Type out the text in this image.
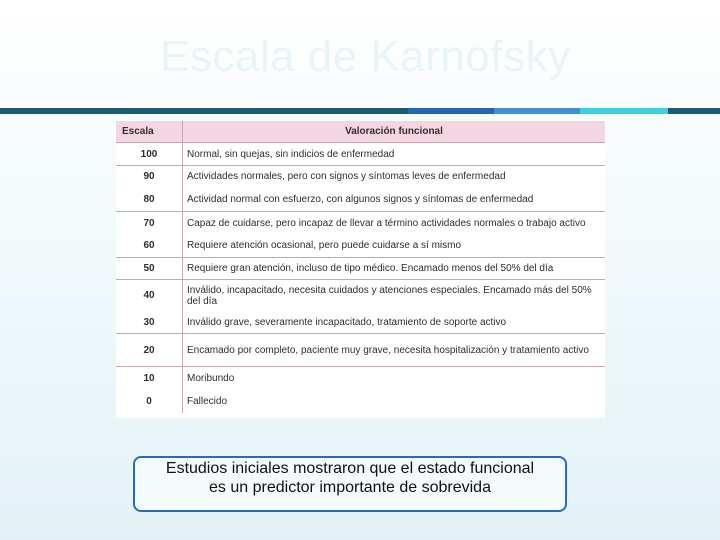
Escala de Karnofsky
Escala	Valoración funcional
100	Normal, sin quejas, sin indicios de enfermedad
90	Actividades normales, pero con signos y síntomas leves de enfermedad
80	Actividad normal con esfuerzo, con algunos signos y síntomas de enfermedad
70	Capaz de cuidarse, pero incapaz de llevar a término actividades normales o trabajo activo
60	Requiere atención ocasional, pero puede cuidarse a sí mismo
50	Requiere gran atención, incluso de tipo médico. Encamado menos del 50% del día
40	Inválido, incapacitado, necesita cuidados y atenciones especiales. Encamado más del 50% del día
30	Inválido grave, severamente incapacitado, tratamiento de soporte activo
20	Encamado por completo, paciente muy grave, necesita hospitalización y tratamiento activo
10	Moribundo
0	Fallecido
Estudios iniciales mostraron que el estado funcional
es un predictor importante de sobrevida
